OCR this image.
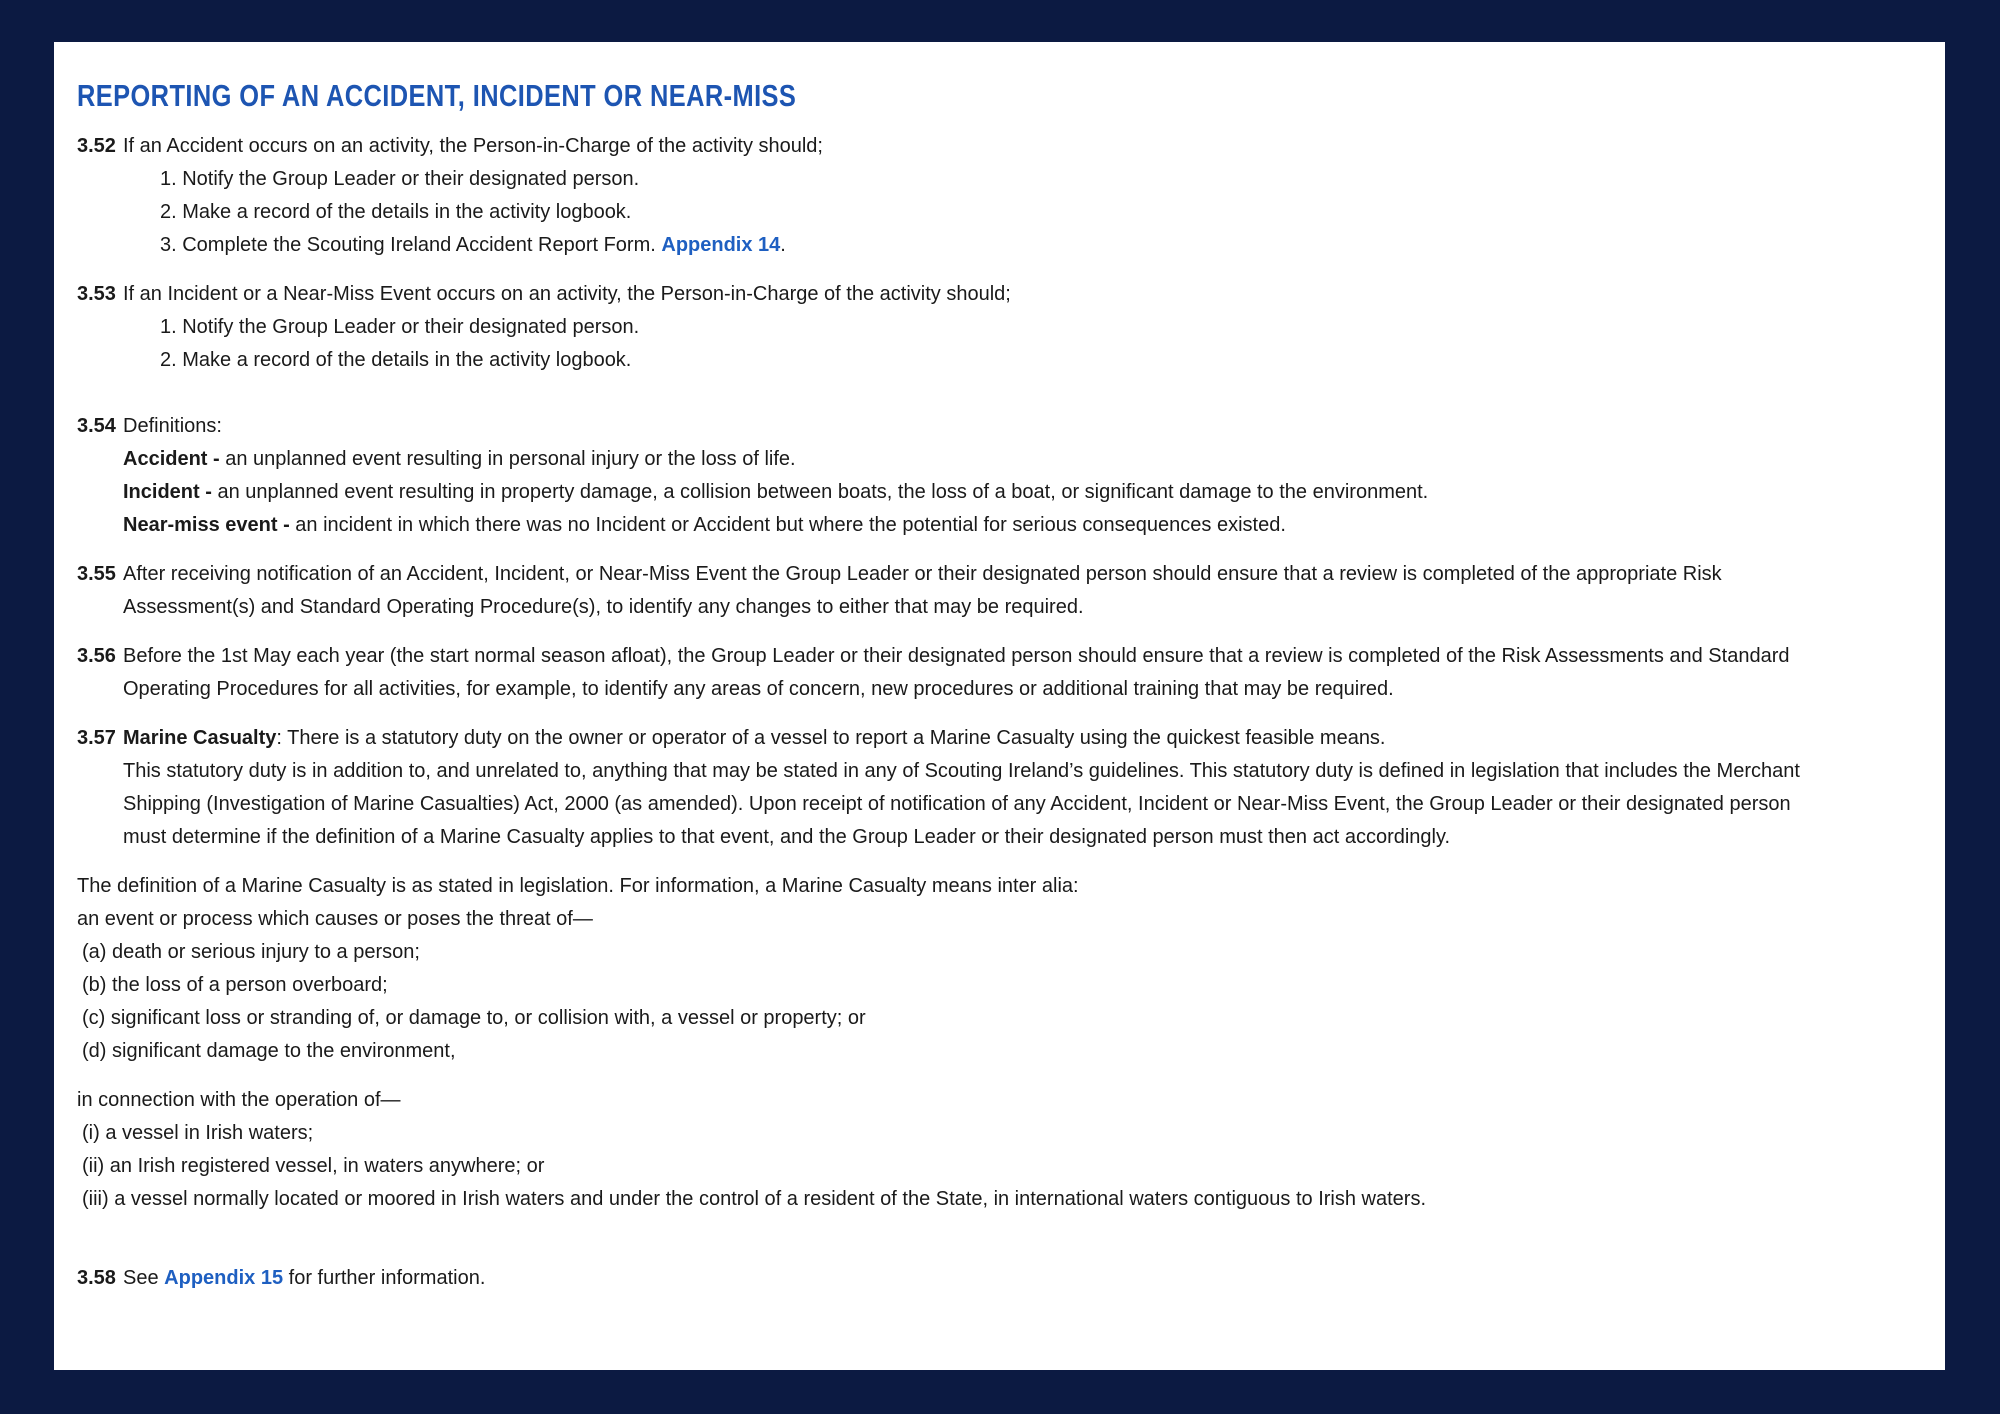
REPORTING OF AN ACCIDENT, INCIDENT OR NEAR-MISS
3.52 If an Accident occurs on an activity, the Person-in-Charge of the activity should;

1. Notify the Group Leader or their designated person.

2. Make a record of the details in the activity logbook.

3. Complete the Scouting Ireland Accident Report Form. Appendix 14.

3.53 If an Incident or a Near-Miss Event occurs on an activity, the Person-in-Charge of the activity should;

1. Notify the Group Leader or their designated person.

2. Make a record of the details in the activity logbook.

3.54 Definitions:

Accident - an unplanned event resulting in personal injury or the loss of life.

Incident - an unplanned event resulting in property damage, a collision between boats, the loss of a boat, or significant damage to the environment.

Near-miss event - an incident in which there was no Incident or Accident but where the potential for serious consequences existed.

3.55 After receiving notification of an Accident, Incident, or Near-Miss Event the Group Leader or their designated person should ensure that a review is completed of the appropriate Risk Assessment(s) and Standard Operating Procedure(s), to identify any changes to either that may be required.

3.56 Before the 1st May each year (the start normal season afloat), the Group Leader or their designated person should ensure that a review is completed of the Risk Assessments and Standard Operating Procedures for all activities, for example, to identify any areas of concern, new procedures or additional training that may be required.

3.57 Marine Casualty: There is a statutory duty on the owner or operator of a vessel to report a Marine Casualty using the quickest feasible means.

This statutory duty is in addition to, and unrelated to, anything that may be stated in any of Scouting Ireland’s guidelines. This statutory duty is defined in legislation that includes the Merchant Shipping (Investigation of Marine Casualties) Act, 2000 (as amended). Upon receipt of notification of any Accident, Incident or Near-Miss Event, the Group Leader or their designated person must determine if the definition of a Marine Casualty applies to that event, and the Group Leader or their designated person must then act accordingly.

The definition of a Marine Casualty is as stated in legislation. For information, a Marine Casualty means inter alia:

an event or process which causes or poses the threat of—

(a) death or serious injury to a person;

(b) the loss of a person overboard;

(c) significant loss or stranding of, or damage to, or collision with, a vessel or property; or

(d) significant damage to the environment,

in connection with the operation of—

(i) a vessel in Irish waters;

(ii) an Irish registered vessel, in waters anywhere; or

(iii) a vessel normally located or moored in Irish waters and under the control of a resident of the State, in international waters contiguous to Irish waters.

3.58 See Appendix 15 for further information.
